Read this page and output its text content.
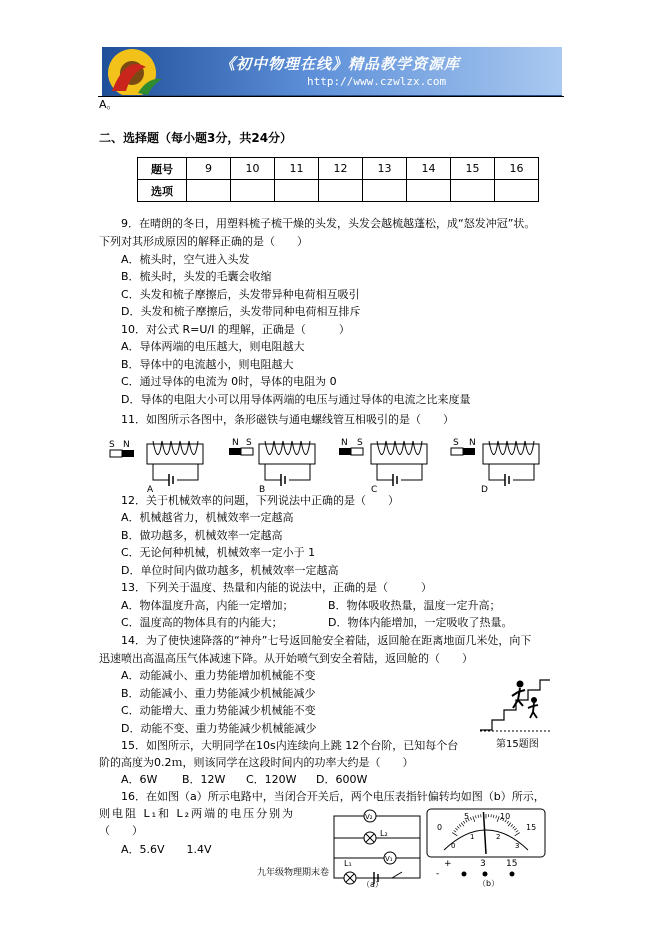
《初中物理在线》精品教学资源库
http://www.czwlzx.com
A。
二、选择题（每小题3分，共24分）
题号	9	10	11	12	13	14	15	16
选项								
9．在晴朗的冬日，用塑料梳子梳干燥的头发，头发会越梳越蓬松，成“怒发冲冠”状。
下列对其形成原因的解释正确的是（　　）
A．梳头时，空气进入头发
B．梳头时，头发的毛囊会收缩
C．头发和梳子摩擦后，头发带异种电荷相互吸引
D．头发和梳子摩擦后，头发带同种电荷相互排斥
10．对公式 R=U/I 的理解，正确是（　　　）
A．导体两端的电压越大，则电阻越大
B．导体中的电流越小，则电阻越大
C．通过导体的电流为 0时，导体的电阻为 0
D．导体的电阻大小可以用导体两端的电压与通过导体的电流之比来度量
11．如图所示各图中，条形磁铁与通电螺线管互相吸引的是（　　）
S N
A
N S
B
N S
C
S N
D
12．关于机械效率的问题，下列说法中正确的是（　　）
A．机械越省力，机械效率一定越高
B．做功越多，机械效率一定越高
C．无论何种机械，机械效率一定小于 1
D．单位时间内做功越多，机械效率一定越高
13．下列关于温度、热量和内能的说法中，正确的是（　　　）
A．物体温度升高，内能一定增加；	B．物体吸收热量，温度一定升高；
C．温度高的物体具有的内能大；	D．物体内能增加，一定吸收了热量。
14．为了使快速降落的“神舟”七号返回舱安全着陆，返回舱在距离地面几米处，向下
迅速喷出高温高压气体减速下降。从开始喷气到安全着陆，返回舱的（　　）
A．动能减小、重力势能增加机械能不变
B．动能减小、重力势能减少机械能减少
C．动能增大、重力势能减少机械能不变
D．动能不变、重力势能减少机械能减少
第15题图
15．如图所示，大明同学在10s内连续向上跳 12个台阶，已知每个台
阶的高度为0.2ｍ，则该同学在这段时间内的功率大约是（　　）
A．6W B．12W C．120W D．600W
16．在如图（a）所示电路中，当闭合开关后，两个电压表指针偏转均如图（b）所示，
则电阻 L₁和 L₂两端的电压分别为
（　　）
A．5.6V　　1.4V
V₂
L₂
V₁
L₁
（a）
0
5	10
15
0
1	2
3
+	3 15
-
（b）
九年级物理期末卷
